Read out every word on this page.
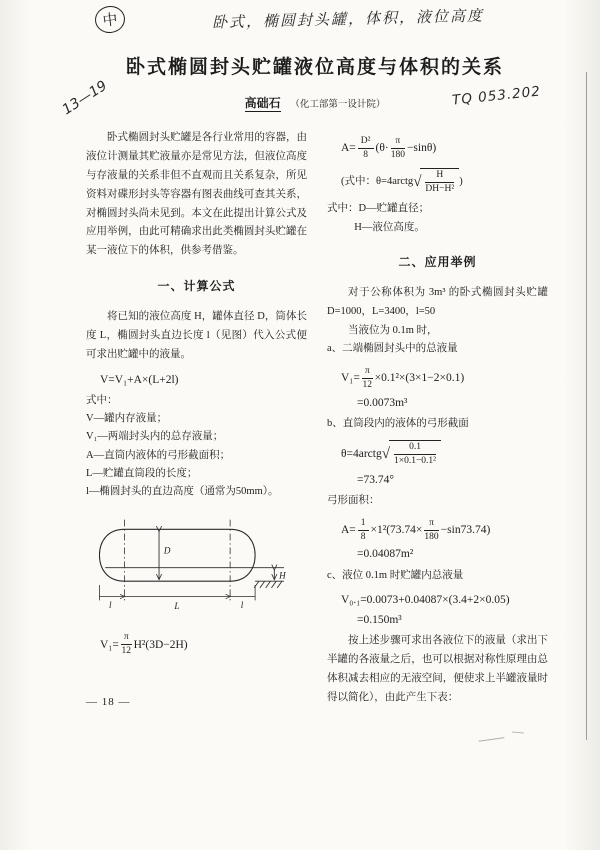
中	卧式，椭圆封头罐，体积，液位高度
13—19	TQ 053.202
卧式椭圆封头贮罐液位高度与体积的关系
高础石 （化工部第一设计院）

卧式椭圆封头贮罐是各行业常用的容器，由液位计测量其贮液量亦是常见方法，但液位高度与存液量的关系非但不直观而且关系复杂，所见资料对碟形封头等容器有图表曲线可查其关系，对椭圆封头尚未见到。本文在此提出计算公式及应用举例，由此可精确求出此类椭圆封头贮罐在某一液位下的体积，供参考借鉴。

一、计算公式

将已知的液位高度 H，罐体直径 D，筒体长度 L，椭圆封头直边长度 l（见图）代入公式便可求出贮罐中的液量。

V=V₁+A×(L+2l)
式中：
V—罐内存液量；
V₁—两端封头内的总存液量；
A—直筒内液体的弓形截面积；
L—贮罐直筒段的长度；
l—椭圆封头的直边高度（通常为50mm）。
D
H
l	L	l
$V_1= \frac{\pi}{12} H^2(3D-2H)$
$A= \frac{\text{D²}}{8} (\theta\cdot \frac{\pi}{180} -\sin\theta)$
(式中：θ=4arctg √ $\frac{H}{\text{DH−H²}}$ )
式中：D—贮罐直径；
H—液位高度。
二、应用举例

对于公称体积为 3m³ 的卧式椭圆封头贮罐 D=1000，L=3400，l=50

当液位为 0.1m 时，

a、二端椭圆封头中的总液量
$V_1= \frac{\pi}{12} \times 0.1^2\times(3\times 1-2\times 0.1)$
=0.0073m³
b、直筒段内的液体的弓形截面
θ=4arctg √ $\frac{0.1}{\text{1×0.1−0.1²}}$
=73.74°
弓形面积：
$A= \frac{1}{8} \times 1^2(73.74\times \frac{\pi}{180} -\sin 73.74)$
=0.04087m²
c、液位 0.1m 时贮罐内总液量
V₀.₁=0.0073+0.04087×(3.4+2×0.05)
=0.150m³

按上述步骤可求出各液位下的液量（求出下半罐的各液量之后，也可以根据对称性原理由总体积减去相应的无液空间，便使求上半罐液量时得以简化），由此产生下表：

— 18 —
